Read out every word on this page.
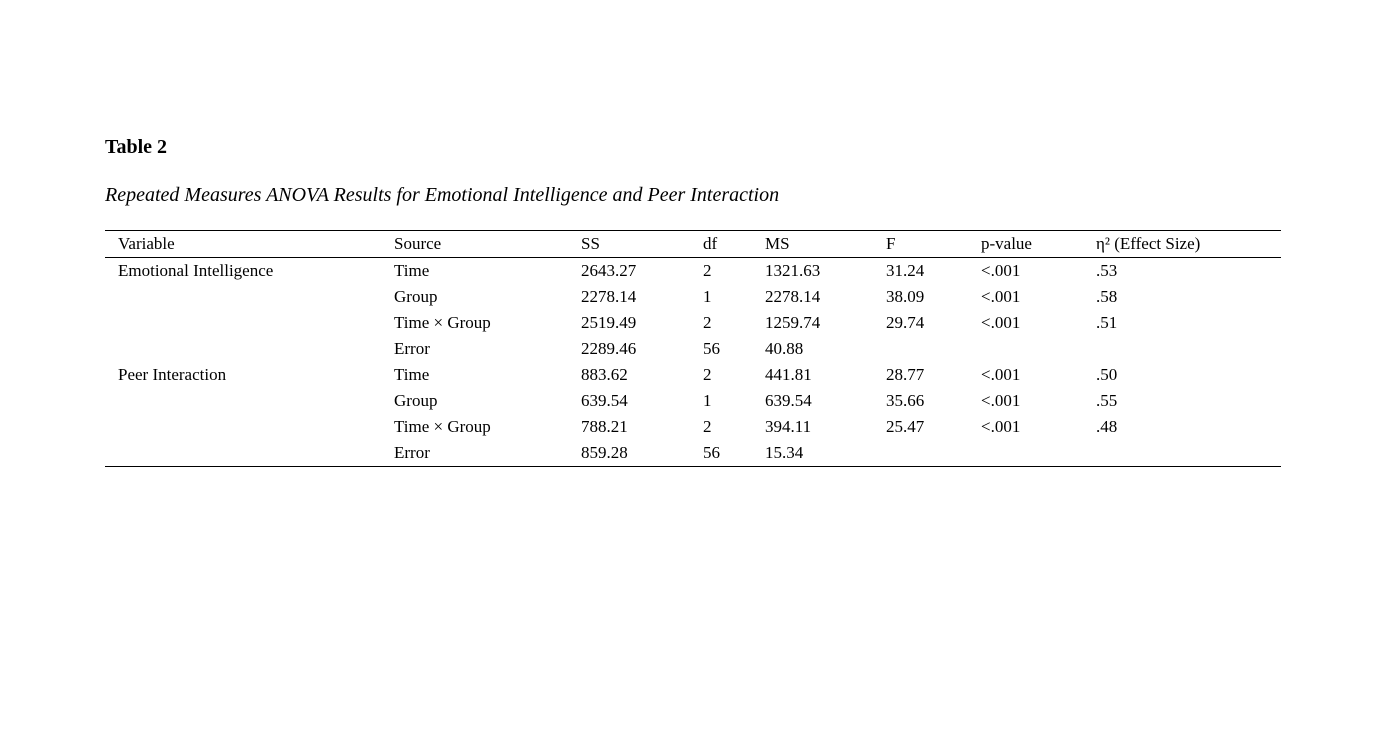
Table 2
Repeated Measures ANOVA Results for Emotional Intelligence and Peer Interaction
Variable	Source	SS	df	MS	F	p-value	η² (Effect Size)
Emotional Intelligence	Time	2643.27	2	1321.63	31.24	<.001	.53
	Group	2278.14	1	2278.14	38.09	<.001	.58
	Time × Group	2519.49	2	1259.74	29.74	<.001	.51
	Error	2289.46	56	40.88			
Peer Interaction	Time	883.62	2	441.81	28.77	<.001	.50
	Group	639.54	1	639.54	35.66	<.001	.55
	Time × Group	788.21	2	394.11	25.47	<.001	.48
	Error	859.28	56	15.34			
